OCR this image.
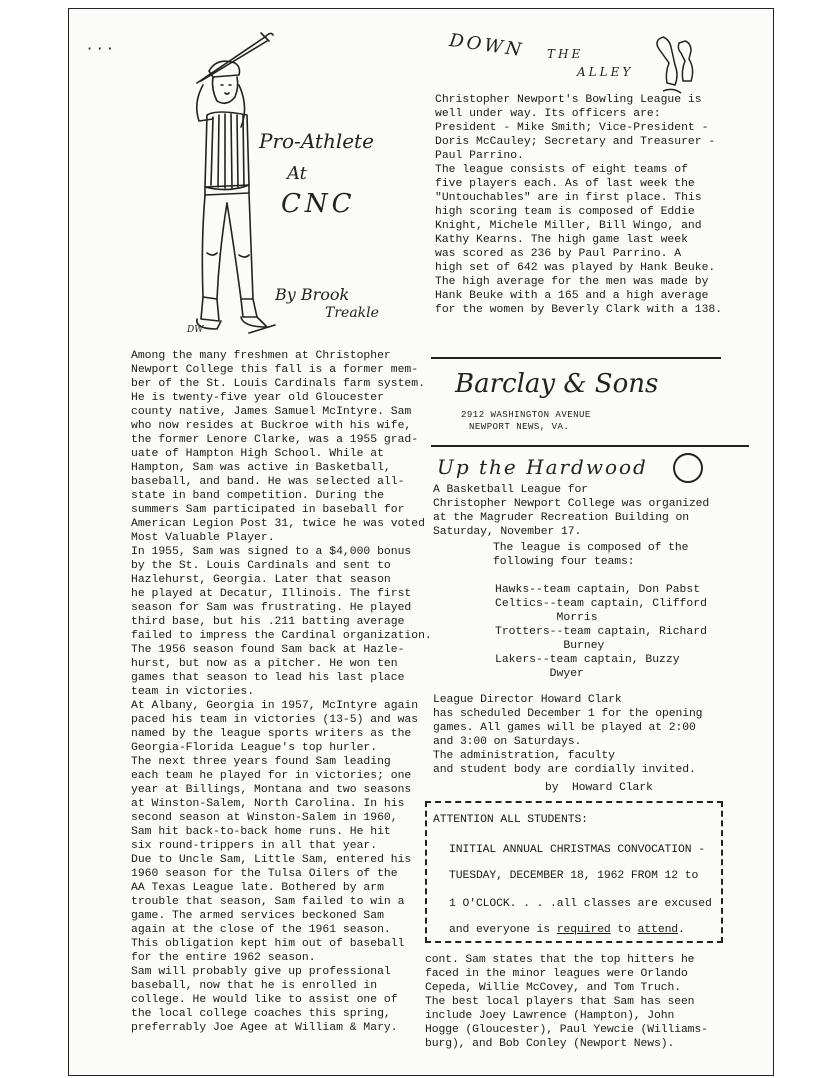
· · ·
Pro-Athlete
At
CNC
By Brook
Treakle
DW
DOWN THE
ALLEY
Christopher Newport's Bowling League is
well under way. Its officers are:
President - Mike Smith; Vice-President -
Doris McCauley; Secretary and Treasurer -
Paul Parrino.
The league consists of eight teams of
five players each. As of last week the
"Untouchables" are in first place. This
high scoring team is composed of Eddie
Knight, Michele Miller, Bill Wingo, and
Kathy Kearns. The high game last week
was scored as 236 by Paul Parrino. A
high set of 642 was played by Hank Beuke.
The high average for the men was made by
Hank Beuke with a 165 and a high average
for the women by Beverly Clark with a 138.
Barclay & Sons
2912 WASHINGTON AVENUE
NEWPORT NEWS, VA.
Up the Hardwood
A Basketball League for
Christopher Newport College was organized
at the Magruder Recreation Building on
Saturday, November 17.
The league is composed of the
following four teams:
Hawks--team captain, Don Pabst
Celtics--team captain, Clifford
Morris
Trotters--team captain, Richard
Burney
Lakers--team captain, Buzzy
Dwyer
League Director Howard Clark
has scheduled December 1 for the opening
games. All games will be played at 2:00
and 3:00 on Saturdays.
The administration, faculty
and student body are cordially invited.
by  Howard Clark
ATTENTION ALL STUDENTS:
INITIAL ANNUAL CHRISTMAS CONVOCATION -
TUESDAY, DECEMBER 18, 1962 FROM 12 to
1 O'CLOCK. . . .all classes are excused
and everyone is required to attend.
Among the many freshmen at Christopher
Newport College this fall is a former mem-
ber of the St. Louis Cardinals farm system.
He is twenty-five year old Gloucester
county native, James Samuel McIntyre. Sam
who now resides at Buckroe with his wife,
the former Lenore Clarke, was a 1955 grad-
uate of Hampton High School. While at
Hampton, Sam was active in Basketball,
baseball, and band. He was selected all-
state in band competition. During the
summers Sam participated in baseball for
American Legion Post 31, twice he was voted
Most Valuable Player.
In 1955, Sam was signed to a $4,000 bonus
by the St. Louis Cardinals and sent to
Hazlehurst, Georgia. Later that season
he played at Decatur, Illinois. The first
season for Sam was frustrating. He played
third base, but his .211 batting average
failed to impress the Cardinal organization.
The 1956 season found Sam back at Hazle-
hurst, but now as a pitcher. He won ten
games that season to lead his last place
team in victories.
At Albany, Georgia in 1957, McIntyre again
paced his team in victories (13-5) and was
named by the league sports writers as the
Georgia-Florida League's top hurler.
The next three years found Sam leading
each team he played for in victories; one
year at Billings, Montana and two seasons
at Winston-Salem, North Carolina. In his
second season at Winston-Salem in 1960,
Sam hit back-to-back home runs. He hit
six round-trippers in all that year.
Due to Uncle Sam, Little Sam, entered his
1960 season for the Tulsa Oilers of the
AA Texas League late. Bothered by arm
trouble that season, Sam failed to win a
game. The armed services beckoned Sam
again at the close of the 1961 season.
This obligation kept him out of baseball
for the entire 1962 season.
Sam will probably give up professional
baseball, now that he is enrolled in
college. He would like to assist one of
the local college coaches this spring,
preferrably Joe Agee at William & Mary.
cont. Sam states that the top hitters he
faced in the minor leagues were Orlando
Cepeda, Willie McCovey, and Tom Truch.
The best local players that Sam has seen
include Joey Lawrence (Hampton), John
Hogge (Gloucester), Paul Yewcie (Williams-
burg), and Bob Conley (Newport News).
